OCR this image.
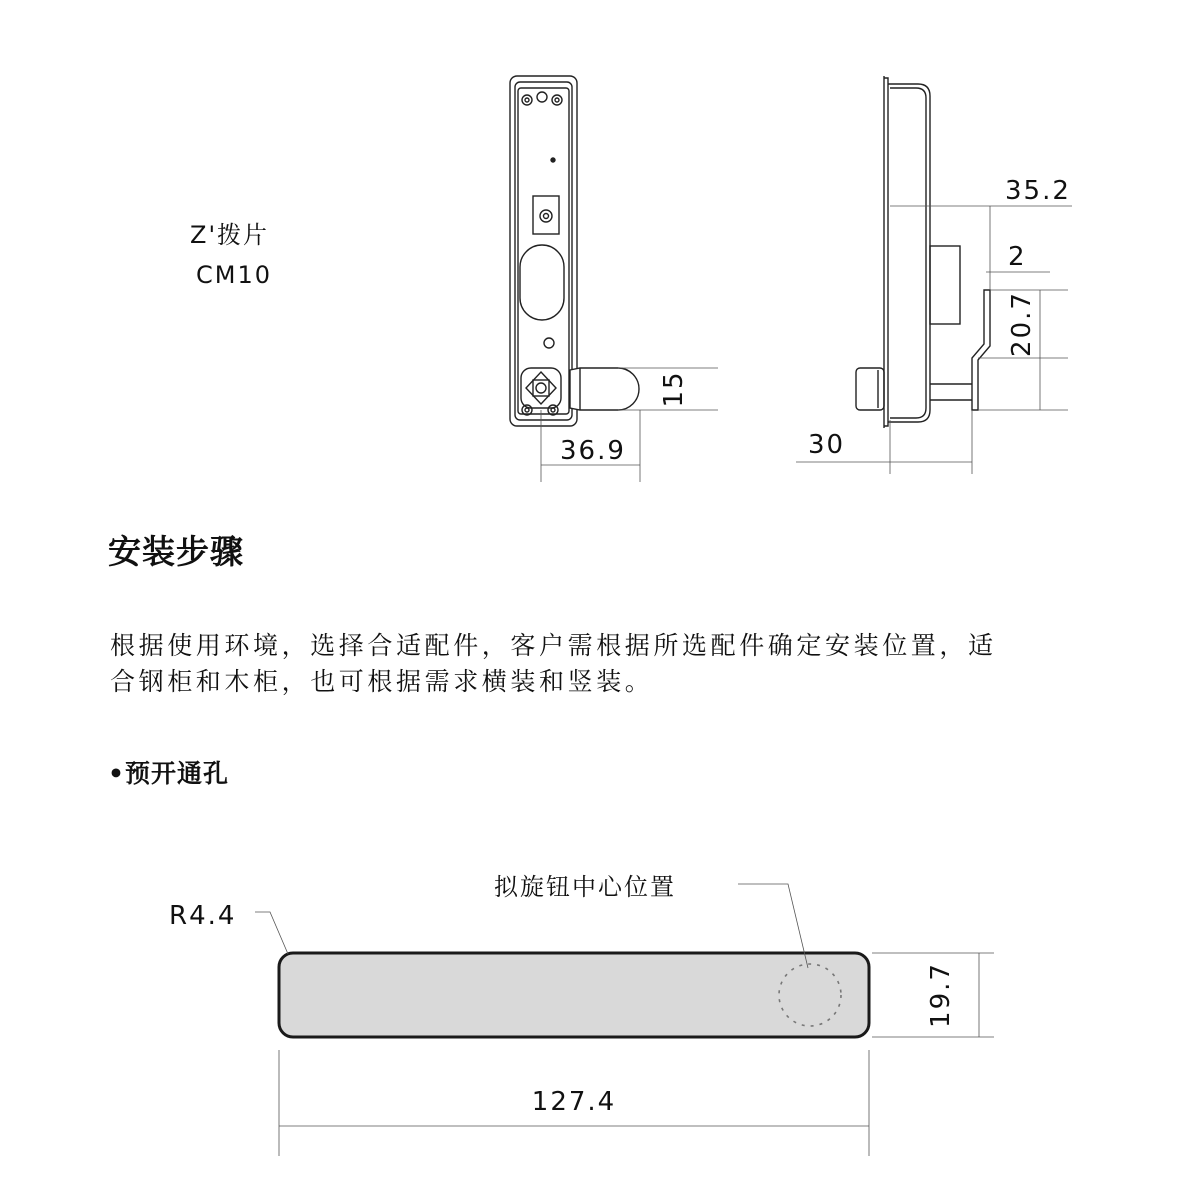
Z'拨片
CM10
15
36.9
35.2
2
20.7
30
R4.4
拟旋钮中心位置
19.7
127.4
安装步骤
根据使用环境，选择合适配件，客户需根据所选配件确定安装位置，适
合钢柜和木柜，也可根据需求横装和竖装。
•预开通孔
